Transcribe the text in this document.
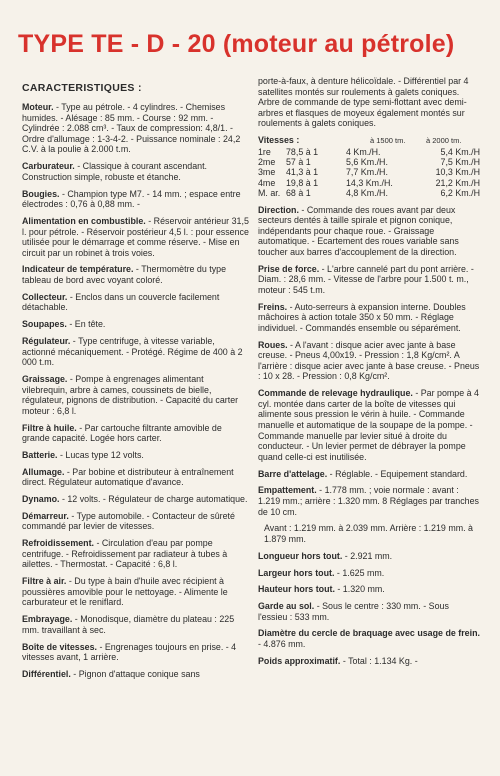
TYPE TE - D - 20 (moteur au pétrole)
CARACTERISTIQUES :

Moteur. - Type au pétrole. - 4 cylindres. - Chemises humides. - Alésage : 85 mm. - Course : 92 mm. - Cylindrée : 2.088 cm³. - Taux de compression: 4,8/1. - Ordre d'allumage : 1-3-4-2. - Puissance nominale : 24,2 C.V. à la poulie à 2.000 t.m.

Carburateur. - Classique à courant ascendant. Construction simple, robuste et étanche.

Bougies. - Champion type M7. - 14 mm. ; espace entre électrodes : 0,76 à 0,88 mm. -

Alimentation en combustible. - Réservoir antérieur 31,5 l. pour pétrole. - Réservoir postérieur 4,5 l. : pour essence utilisée pour le démarrage et comme réserve. - Mise en circuit par un robinet à trois voies.

Indicateur de température. - Thermomètre du type tableau de bord avec voyant coloré.

Collecteur. - Enclos dans un couvercle facilement détachable.

Soupapes. - En tête.

Régulateur. - Type centrifuge, à vitesse variable, actionné mécaniquement. - Protégé. Régime de 400 à 2 000 t.m.

Graissage. - Pompe à engrenages alimentant vilebrequin, arbre à cames, coussinets de bielle, régulateur, pignons de distribution. - Capacité du carter moteur : 6,8 l.

Filtre à huile. - Par cartouche filtrante amovible de grande capacité. Logée hors carter.

Batterie. - Lucas type 12 volts.

Allumage. - Par bobine et distributeur à entraînement direct. Régulateur automatique d'avance.

Dynamo. - 12 volts. - Régulateur de charge automatique.

Démarreur. - Type automobile. - Contacteur de sûreté commandé par levier de vitesses.

Refroidissement. - Circulation d'eau par pompe centrifuge. - Refroidissement par radiateur à tubes à ailettes. - Thermostat. - Capacité : 6,8 l.

Filtre à air. - Du type à bain d'huile avec récipient à poussières amovible pour le nettoyage. - Alimente le carburateur et le reniflard.

Embrayage. - Monodisque, diamètre du plateau : 225 mm. travaillant à sec.

Boîte de vitesses. - Engrenages toujours en prise. - 4 vitesses avant, 1 arrière.

Différentiel. - Pignon d'attaque conique sans

porte-à-faux, à denture hélicoïdale. - Différentiel par 4 satellites montés sur roulements à galets coniques. Arbre de commande de type semi-flottant avec demi-arbres et flasques de moyeux également montés sur roulements à galets coniques.

Vitesses :	à 1500 tm.	à 2000 tm.
1re	78,5 à 1	4 Km./H.	5,4 Km./H
2me	57 à 1	5,6 Km./H.	7,5 Km./H
3me	41,3 à 1	7,7 Km./H.	10,3 Km./H
4me	19,8 à 1	14,3 Km./H.	21,2 Km./H
M. ar. 68 à 1	4,8 Km./H.	6,2 Km./H

Direction. - Commande des roues avant par deux secteurs dentés à taille spirale et pignon conique, indépendants pour chaque roue. - Graissage automatique. - Ecartement des roues variable sans toucher aux barres d'accouplement de la direction.

Prise de force. - L'arbre cannelé part du pont arrière. - Diam. : 28,6 mm. - Vitesse de l'arbre pour 1.500 t. m., moteur : 545 t.m.

Freins. - Auto-serreurs à expansion interne. Doubles mâchoires à action totale 350 x 50 mm. - Réglage individuel. - Commandés ensemble ou séparément.

Roues. - A l'avant : disque acier avec jante à base creuse. - Pneus 4,00x19. - Pression : 1,8 Kg/cm². A l'arrière : disque acier avec jante à base creuse. - Pneus : 10 x 28. - Pression : 0,8 Kg/cm².

Commande de relevage hydraulique. - Par pompe à 4 cyl. montée dans carter de la boîte de vitesses qui alimente sous pression le vérin à huile. - Commande manuelle et automatique de la soupape de la pompe. - Commande manuelle par levier situé à droite du conducteur. - Un levier permet de débrayer la pompe quand celle-ci est inutilisée.

Barre d'attelage. - Réglable. - Equipement standard.

Empattement. - 1.778 mm. ; voie normale : avant : 1.219 mm.; arrière : 1.320 mm. 8 Réglages par tranches de 10 cm.

Avant : 1.219 mm. à 2.039 mm. Arrière : 1.219 mm. à 1.879 mm.

Longueur hors tout. - 2.921 mm.

Largeur hors tout. - 1.625 mm.

Hauteur hors tout. - 1.320 mm.

Garde au sol. - Sous le centre : 330 mm. - Sous l'essieu : 533 mm.

Diamètre du cercle de braquage avec usage de frein. - 4.876 mm.

Poids approximatif. - Total : 1.134 Kg. -
